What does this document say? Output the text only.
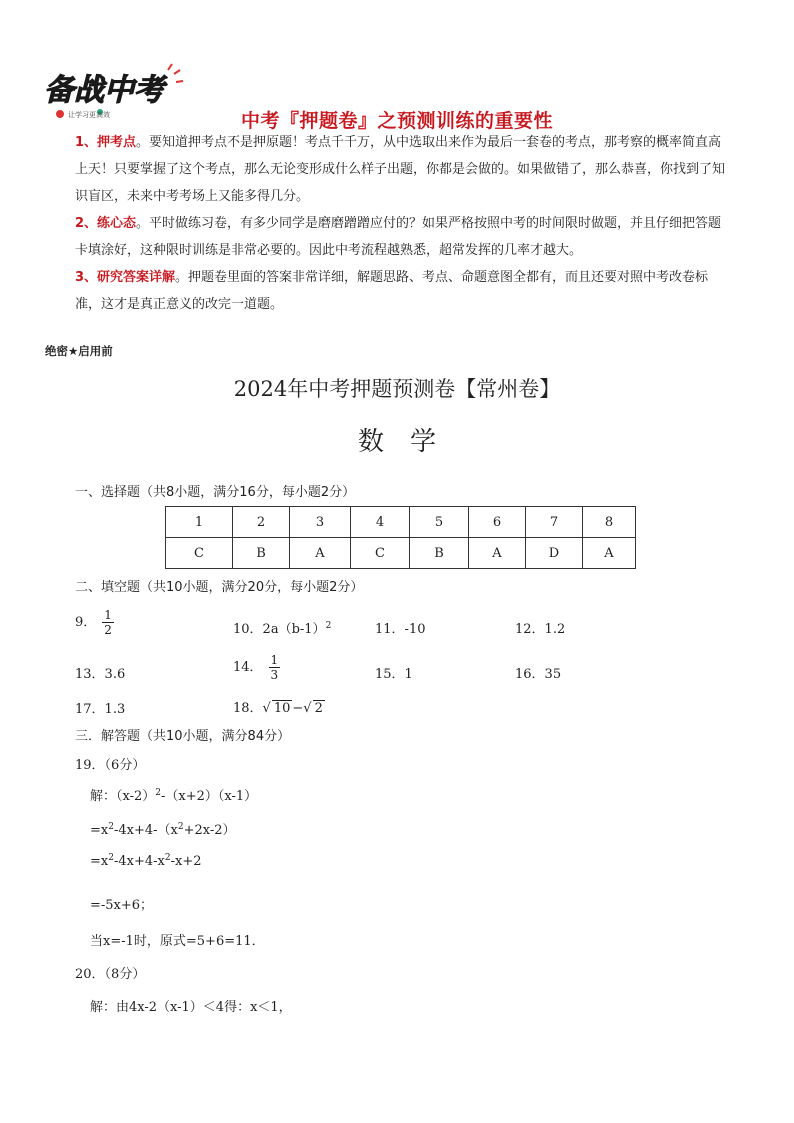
备战中考
让学习更高效	中考『押题卷』之预测训练的重要性
1、押考点。要知道押考点不是押原题！考点千千万，从中选取出来作为最后一套卷的考点，那考察的概率简直高上天！只要掌握了这个考点，那么无论变形成什么样子出题，你都是会做的。如果做错了，那么恭喜，你找到了知识盲区，未来中考考场上又能多得几分。
2、练心态。平时做练习卷，有多少同学是磨磨蹭蹭应付的？如果严格按照中考的时间限时做题，并且仔细把答题卡填涂好，这种限时训练是非常必要的。因此中考流程越熟悉，超常发挥的几率才越大。
3、研究答案详解。押题卷里面的答案非常详细，解题思路、考点、命题意图全都有，而且还要对照中考改卷标准，这才是真正意义的改完一道题。
绝密★启用前
2024年中考押题预测卷【常州卷】
数学
一、选择题（共8小题，满分16分，每小题2分）
1	2	3	4	5	6	7	8
C	B	A	C	B	A	D	A
二、填空题（共10小题，满分20分，每小题2分）
9． $\frac{1}{2}$	10．$2a(b-1)^2$	11．-10	12．1.2
13．3.6	14． $\frac{1}{3}$	15．1	16．35
17．1.3	18．√ 10 −√ 2
三．解答题（共10小题，满分84分）
19．（6分）
解：$(x-2)^2-(x+2)(x-1)$
$=x^2-4x+4-(x^2+2x-2)$
$=x^2-4x+4-x^2-x+2$
=-5x+6；
当x=-1时，原式=5+6=11．
20．（8分）
解：由4x-2（x-1）＜4得：x＜1，
